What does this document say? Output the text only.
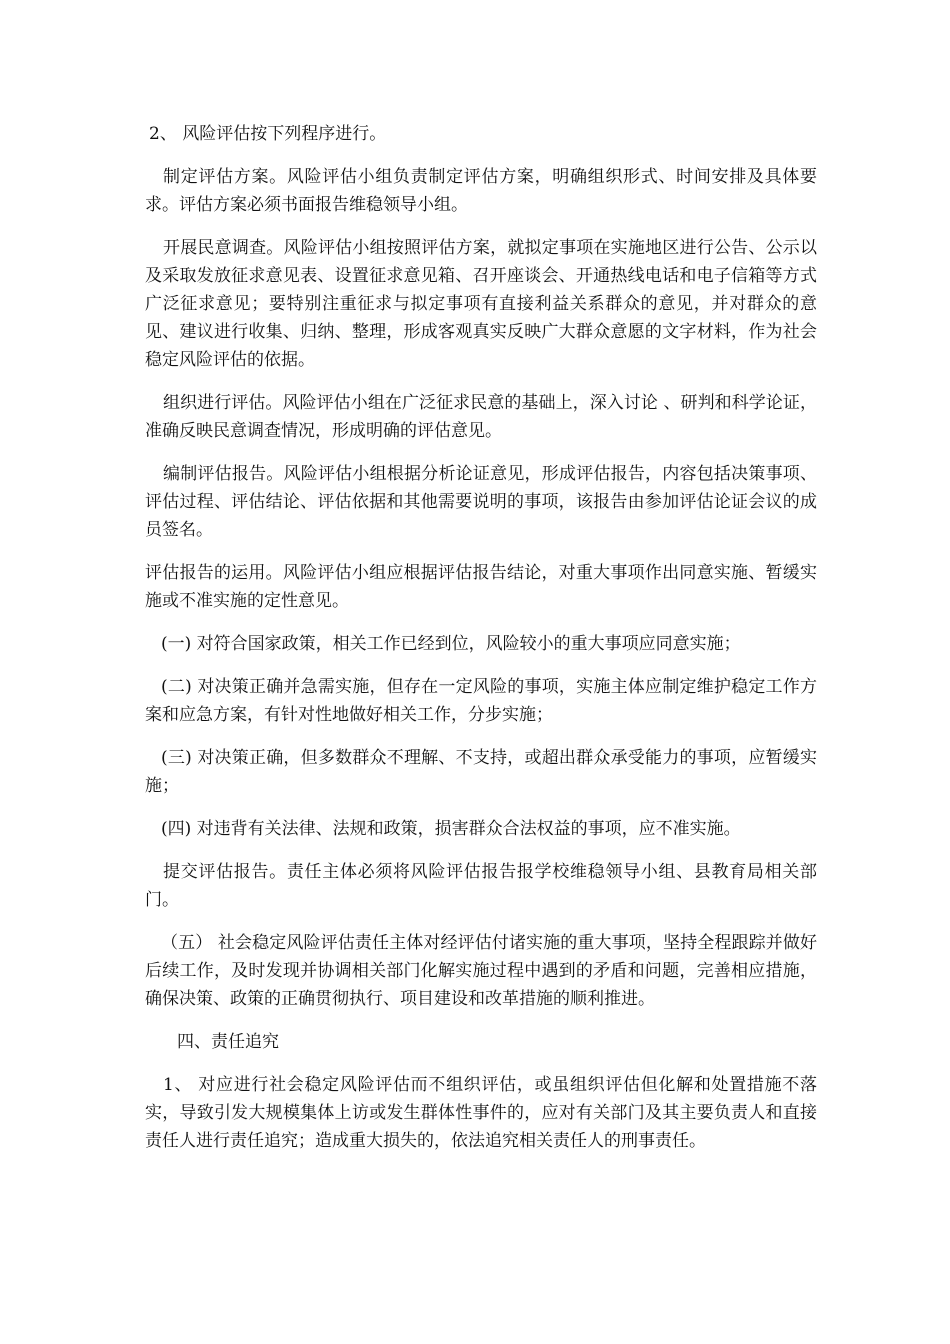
2、 风险评估按下列程序进行。

制定评估方案。风险评估小组负责制定评估方案，明确组织形式、时间安排及具体要求。评估方案必须书面报告维稳领导小组。

开展民意调查。风险评估小组按照评估方案，就拟定事项在实施地区进行公告、公示以及采取发放征求意见表、设置征求意见箱、召开座谈会、开通热线电话和电子信箱等方式广泛征求意见；要特别注重征求与拟定事项有直接利益关系群众的意见，并对群众的意见、建议进行收集、归纳、整理，形成客观真实反映广大群众意愿的文字材料，作为社会稳定风险评估的依据。

组织进行评估。风险评估小组在广泛征求民意的基础上，深入讨论 、研判和科学论证，准确反映民意调查情况，形成明确的评估意见。

编制评估报告。风险评估小组根据分析论证意见，形成评估报告，内容包括决策事项、评估过程、评估结论、评估依据和其他需要说明的事项，该报告由参加评估论证会议的成员签名。

评估报告的运用。风险评估小组应根据评估报告结论，对重大事项作出同意实施、暂缓实施或不准实施的定性意见。

(一) 对符合国家政策，相关工作已经到位，风险较小的重大事项应同意实施；

(二) 对决策正确并急需实施，但存在一定风险的事项，实施主体应制定维护稳定工作方案和应急方案，有针对性地做好相关工作，分步实施；

(三) 对决策正确，但多数群众不理解、不支持，或超出群众承受能力的事项，应暂缓实施；

(四) 对违背有关法律、法规和政策，损害群众合法权益的事项，应不准实施。

提交评估报告。责任主体必须将风险评估报告报学校维稳领导小组、县教育局相关部门。

（五） 社会稳定风险评估责任主体对经评估付诸实施的重大事项，坚持全程跟踪并做好后续工作，及时发现并协调相关部门化解实施过程中遇到的矛盾和问题，完善相应措施，确保决策、政策的正确贯彻执行、项目建设和改革措施的顺利推进。

四、责任追究

1、 对应进行社会稳定风险评估而不组织评估，或虽组织评估但化解和处置措施不落实，导致引发大规模集体上访或发生群体性事件的，应对有关部门及其主要负责人和直接责任人进行责任追究；造成重大损失的，依法追究相关责任人的刑事责任。
